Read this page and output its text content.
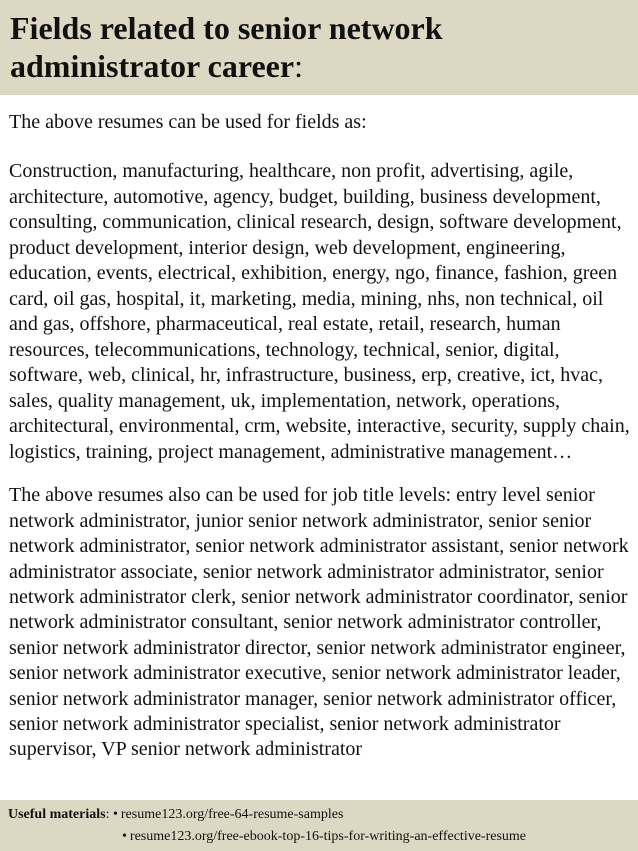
Fields related to senior network administrator career:

The above resumes can be used for fields as:

Construction, manufacturing, healthcare, non profit, advertising, agile, architecture, automotive, agency, budget, building, business development, consulting, communication, clinical research, design, software development, product development, interior design, web development, engineering, education, events, electrical, exhibition, energy, ngo, finance, fashion, green card, oil gas, hospital, it, marketing, media, mining, nhs, non technical, oil and gas, offshore, pharmaceutical, real estate, retail, research, human resources, telecommunications, technology, technical, senior, digital, software, web, clinical, hr, infrastructure, business, erp, creative, ict, hvac, sales, quality management, uk, implementation, network, operations, architectural, environmental, crm, website, interactive, security, supply chain, logistics, training, project management, administrative management…

The above resumes also can be used for job title levels: entry level senior network administrator, junior senior network administrator, senior senior network administrator, senior network administrator assistant, senior network administrator associate, senior network administrator administrator, senior network administrator clerk, senior network administrator coordinator, senior network administrator consultant, senior network administrator controller, senior network administrator director, senior network administrator engineer, senior network administrator executive, senior network administrator leader, senior network administrator manager, senior network administrator officer, senior network administrator specialist, senior network administrator supervisor, VP senior network administrator

Useful materials: • resume123.org/free-64-resume-samples
• resume123.org/free-ebook-top-16-tips-for-writing-an-effective-resume
